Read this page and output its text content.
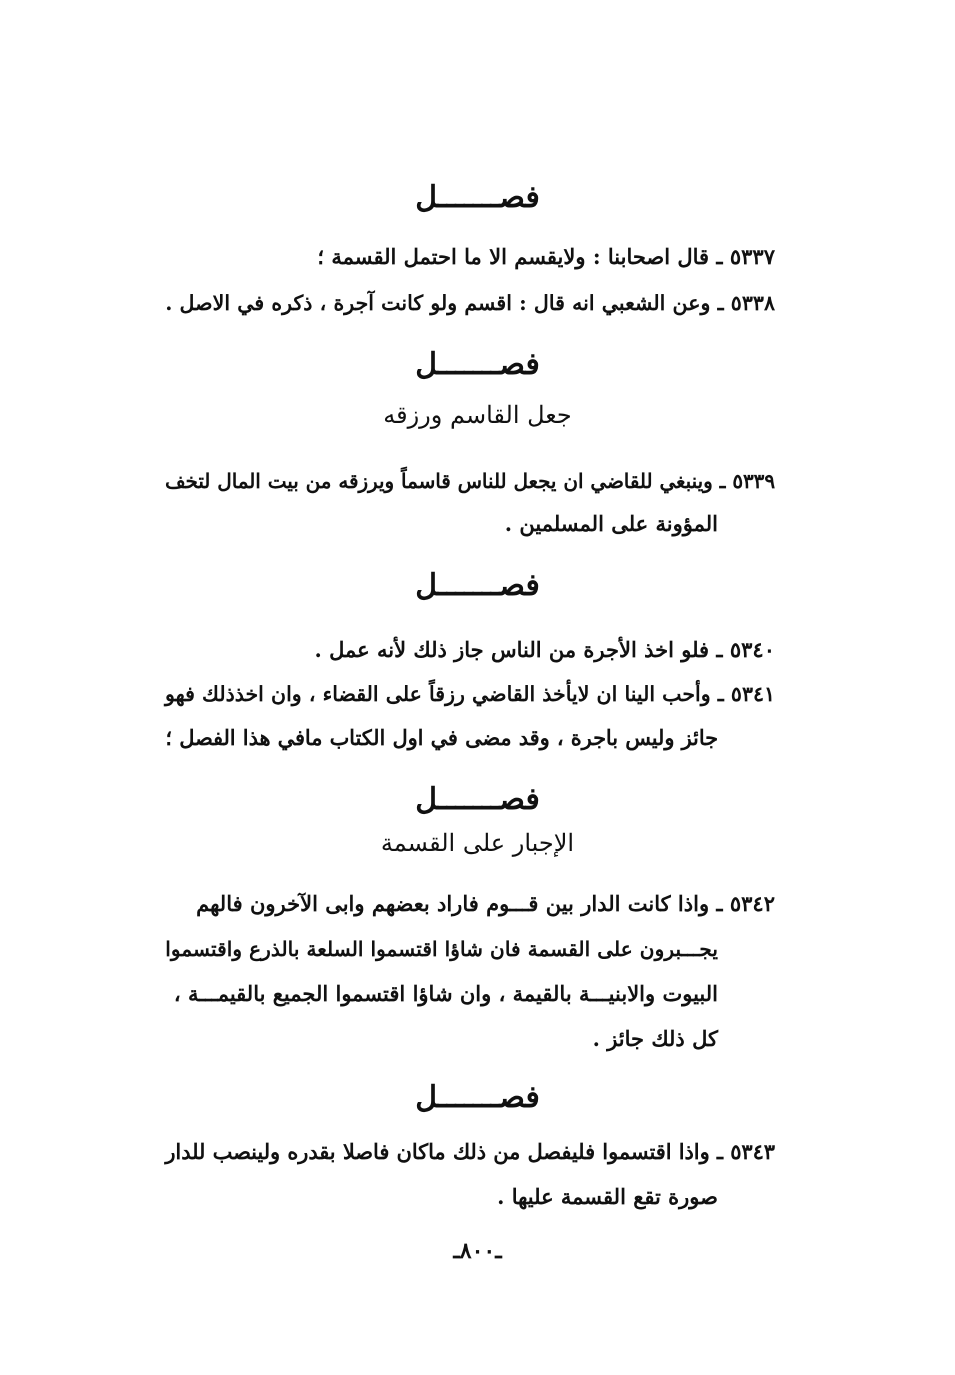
فصـــــــل
٥٣٣٧ ـ قال اصحابنا : ولايقسم الا ما احتمل القسمة ؛
٥٣٣٨ ـ وعن الشعبي انه قال : اقسم ولو كانت آجرة ، ذكره في الاصل .
فصـــــــل
جعل القاسم ورزقه
٥٣٣٩ ـ وينبغي للقاضي ان يجعل للناس قاسماً ويرزقه من بيت المال لتخف
المؤونة على المسلمين .
فصـــــــل
٥٣٤٠ ـ فلو اخذ الأجرة من الناس جاز ذلك لأنه عمل .
٥٣٤١ ـ وأحب الينا ان لايأخذ القاضي رزقاً على القضاء ، وان اخذذلك فهو
جائز وليس باجرة ، وقد مضى في اول الكتاب مافي هذا الفصل ؛
فصـــــــل
الإجبار على القسمة
٥٣٤٢ ـ واذا كانت الدار بين قـــوم فاراد بعضهم وابى الآخرون فالهم
يجـــبرون على القسمة فان شاؤا اقتسموا السلعة بالذرع واقتسموا
البيوت والابنيـــة بالقيمة ، وان شاؤا اقتسموا الجميع بالقيمـــة ،
كل ذلك جائز .
فصـــــــل
٥٣٤٣ ـ واذا اقتسموا فليفصل من ذلك ماكان فاصلا بقدره ولينصب للدار
صورة تقع القسمة عليها .
ـ٨٠٠ـ
